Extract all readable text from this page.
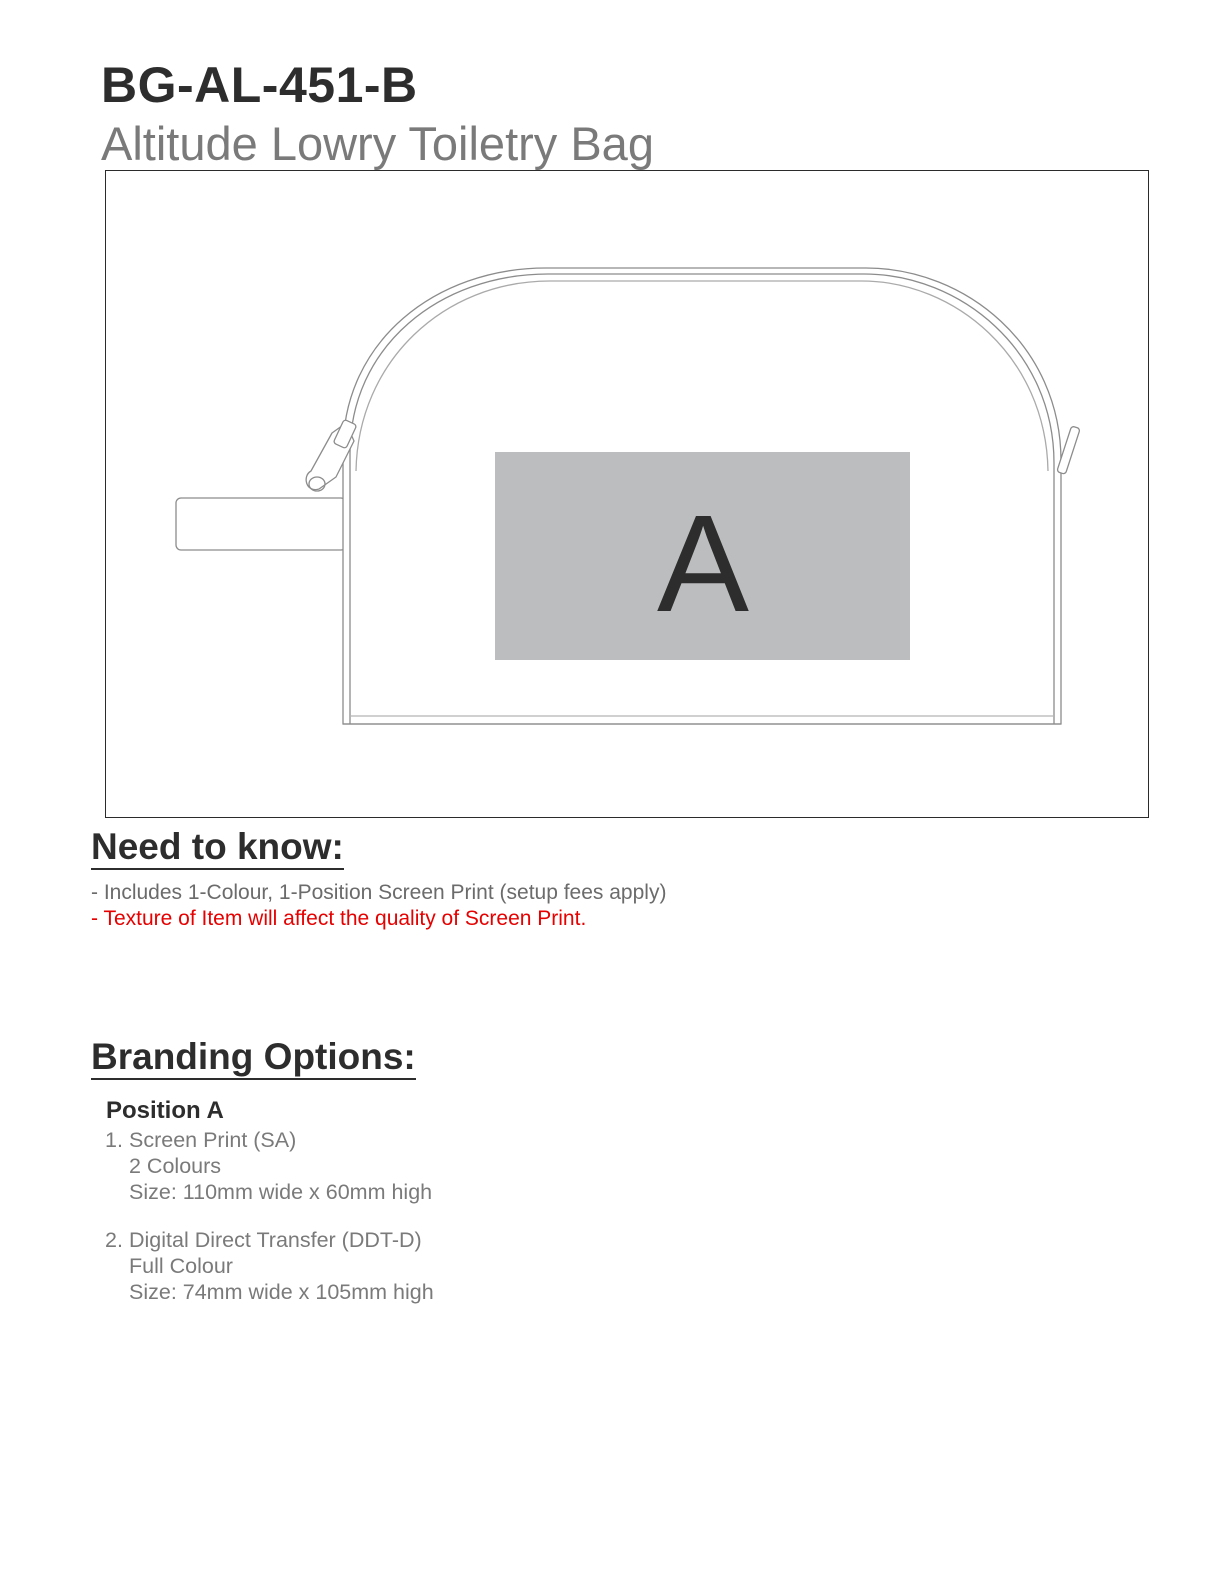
BG-AL-451-B
Altitude Lowry Toiletry Bag
A
Need to know:
- Includes 1-Colour, 1-Position Screen Print (setup fees apply)
- Texture of Item will affect the quality of Screen Print.
Branding Options:
Position A
1. Screen Print (SA)
2 Colours
Size: 110mm wide x 60mm high
2. Digital Direct Transfer (DDT-D)
Full Colour
Size: 74mm wide x 105mm high
